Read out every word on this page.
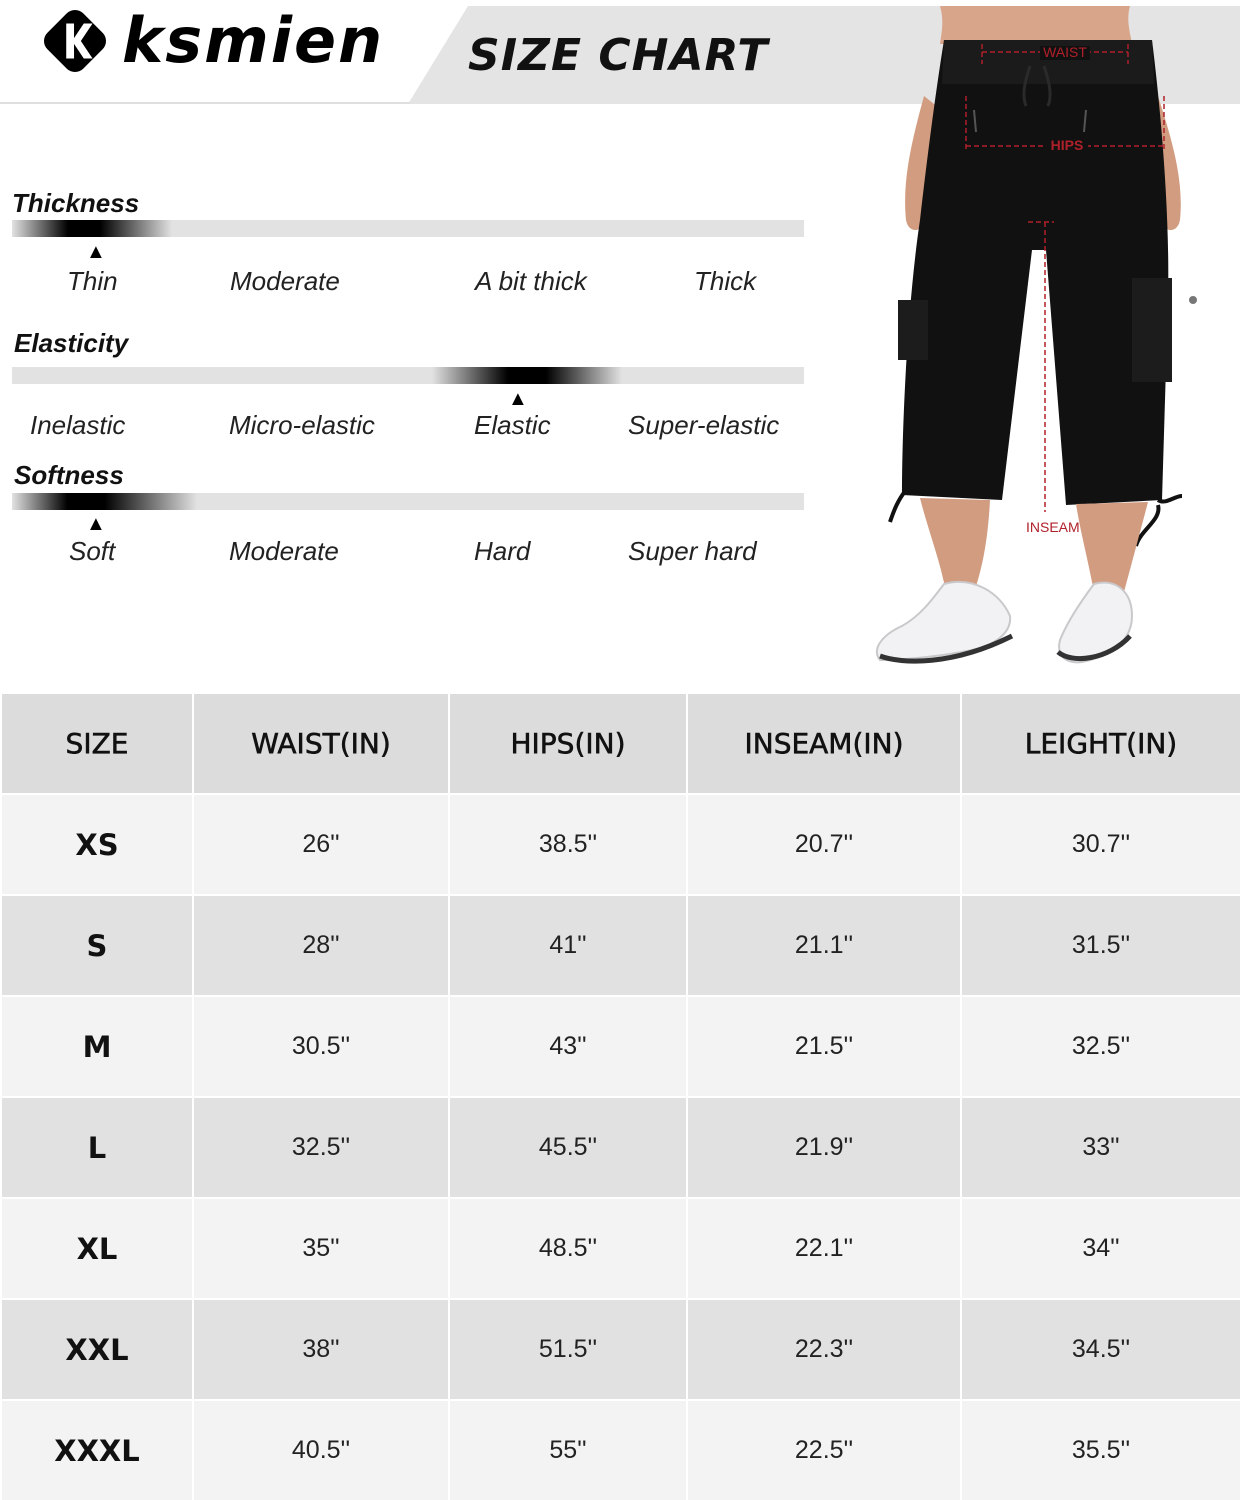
ksmien SIZE CHART
Thickness
▲
Thin	Moderate	A bit thick	Thick
Elasticity
▲
Inelastic	Micro-elastic	Elastic	Super-elastic
Softness
▲
Soft	Moderate	Hard	Super hard
WAIST
HIPS
INSEAM
SIZE	WAIST(IN)	HIPS(IN)	INSEAM(IN)	LEIGHT(IN)
XS	26''	38.5''	20.7''	30.7''
S	28''	41''	21.1''	31.5''
M	30.5''	43''	21.5''	32.5''
L	32.5''	45.5''	21.9''	33''
XL	35''	48.5''	22.1''	34''
XXL	38''	51.5''	22.3''	34.5''
XXXL	40.5''	55''	22.5''	35.5''
